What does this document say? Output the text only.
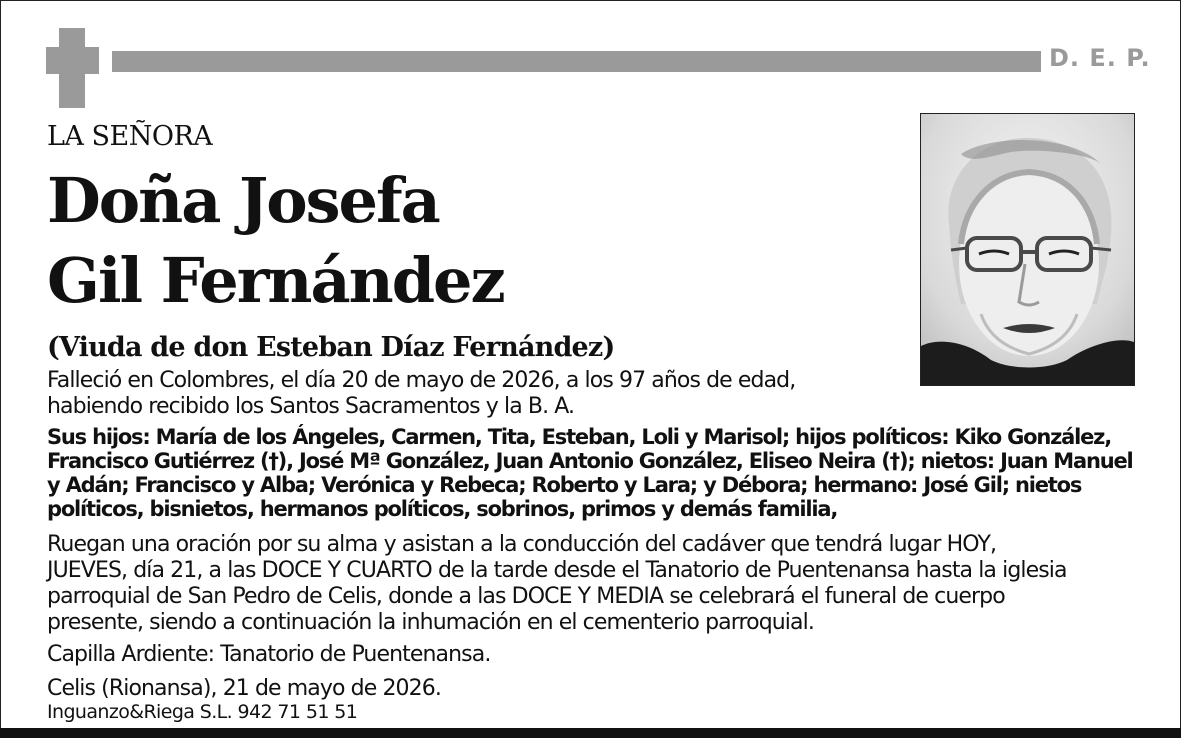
D. E. P.
LA SEÑORA
Doña Josefa
Gil Fernández
(Viuda de don Esteban Díaz Fernández)
Falleció en Colombres, el día 20 de mayo de 2026, a los 97 años de edad,
habiendo recibido los Santos Sacramentos y la B. A.
Sus hijos: María de los Ángeles, Carmen, Tita, Esteban, Loli y Marisol; hijos políticos: Kiko González,
Francisco Gutiérrez (†), José Mª González, Juan Antonio González, Eliseo Neira (†); nietos: Juan Manuel
y Adán; Francisco y Alba; Verónica y Rebeca; Roberto y Lara; y Débora; hermano: José Gil; nietos
políticos, bisnietos, hermanos políticos, sobrinos, primos y demás familia,
Ruegan una oración por su alma y asistan a la conducción del cadáver que tendrá lugar HOY,
JUEVES, día 21, a las DOCE Y CUARTO de la tarde desde el Tanatorio de Puentenansa hasta la iglesia
parroquial de San Pedro de Celis, donde a las DOCE Y MEDIA se celebrará el funeral de cuerpo
presente, siendo a continuación la inhumación en el cementerio parroquial.
Capilla Ardiente: Tanatorio de Puentenansa.
Celis (Rionansa), 21 de mayo de 2026.
Inguanzo&Riega S.L. 942 71 51 51
